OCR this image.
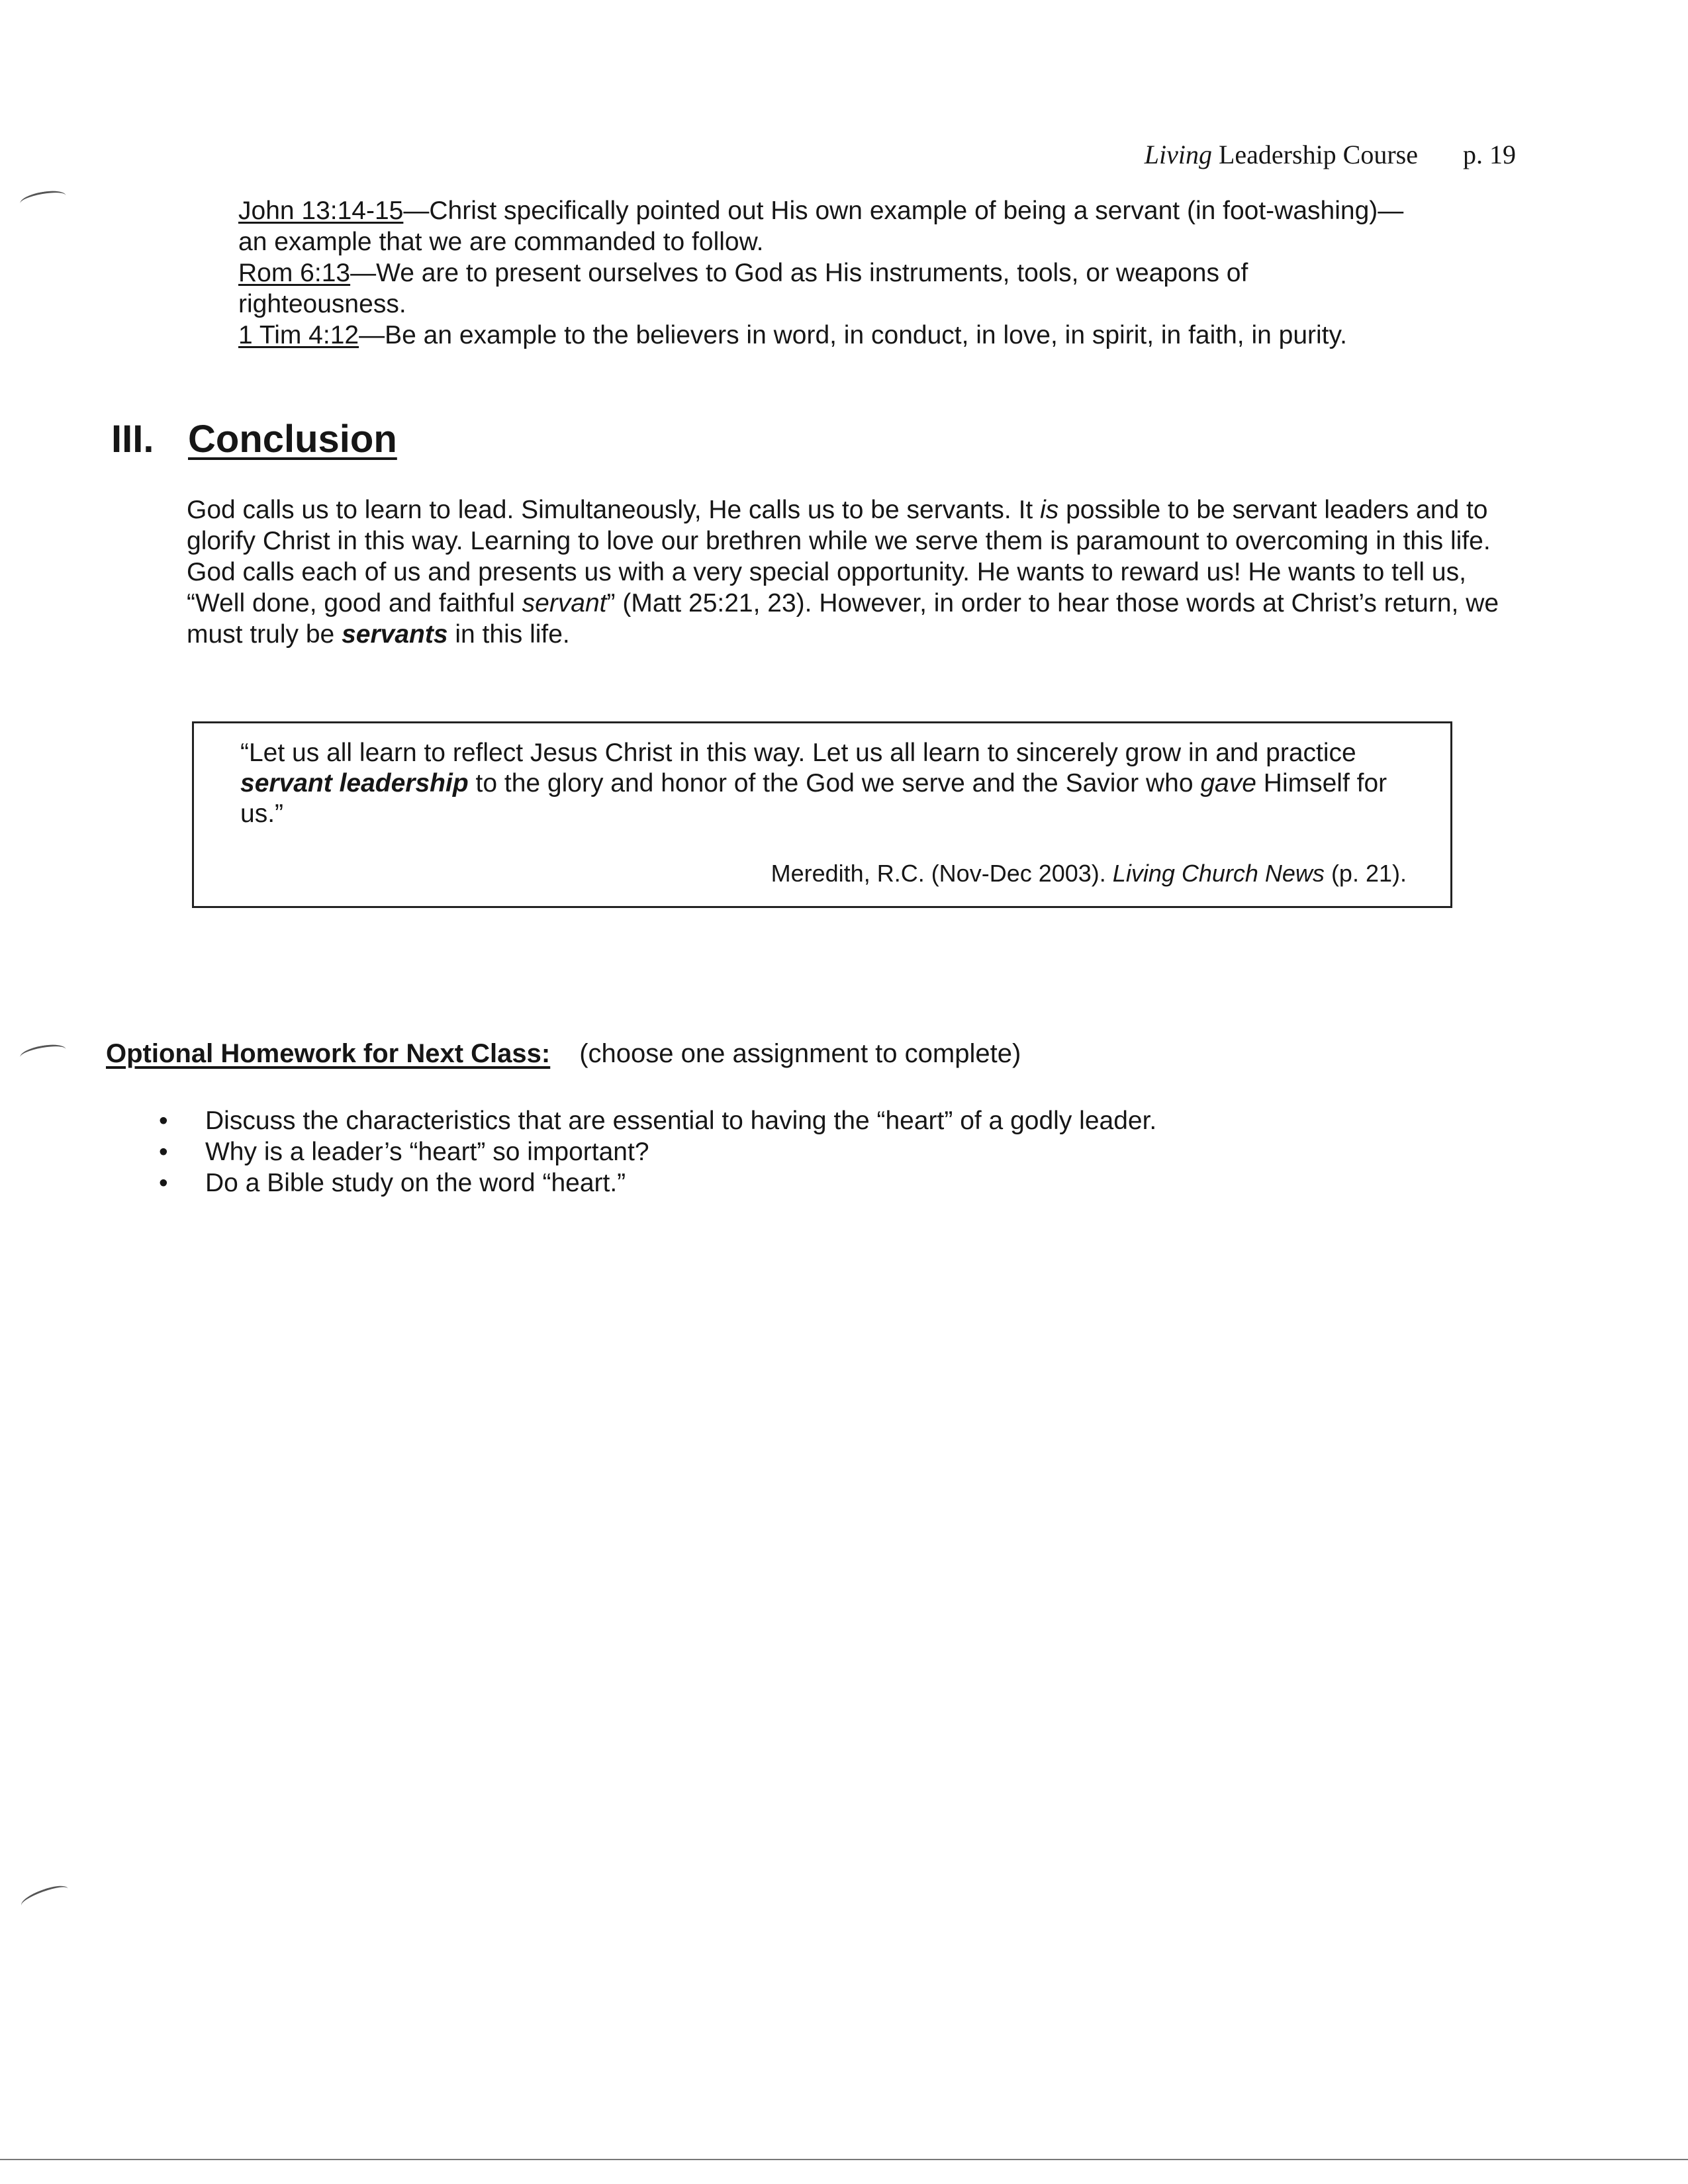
Living Leadership Course p. 19

John 13:14-15—Christ specifically pointed out His own example of being a servant (in foot-washing)—
an example that we are commanded to follow.

Rom 6:13—We are to present ourselves to God as His instruments, tools, or weapons of
righteousness.

1 Tim 4:12—Be an example to the believers in word, in conduct, in love, in spirit, in faith, in purity.

III. Conclusion

God calls us to learn to lead. Simultaneously, He calls us to be servants. It is possible to be servant leaders and to glorify Christ in this way. Learning to love our brethren while we serve them is paramount to overcoming in this life. God calls each of us and presents us with a very special opportunity. He wants to reward us! He wants to tell us, “Well done, good and faithful servant” (Matt 25:21, 23). However, in order to hear those words at Christ’s return, we must truly be servants in this life.

“Let us all learn to reflect Jesus Christ in this way. Let us all learn to sincerely grow in and practice servant leadership to the glory and honor of the God we serve and the Savior who gave Himself for us.”

Meredith, R.C. (Nov-Dec 2003). Living Church News (p. 21).
Optional Homework for Next Class: (choose one assignment to complete)
• Discuss the characteristics that are essential to having the “heart” of a godly leader.
• Why is a leader’s “heart” so important?
• Do a Bible study on the word “heart.”
